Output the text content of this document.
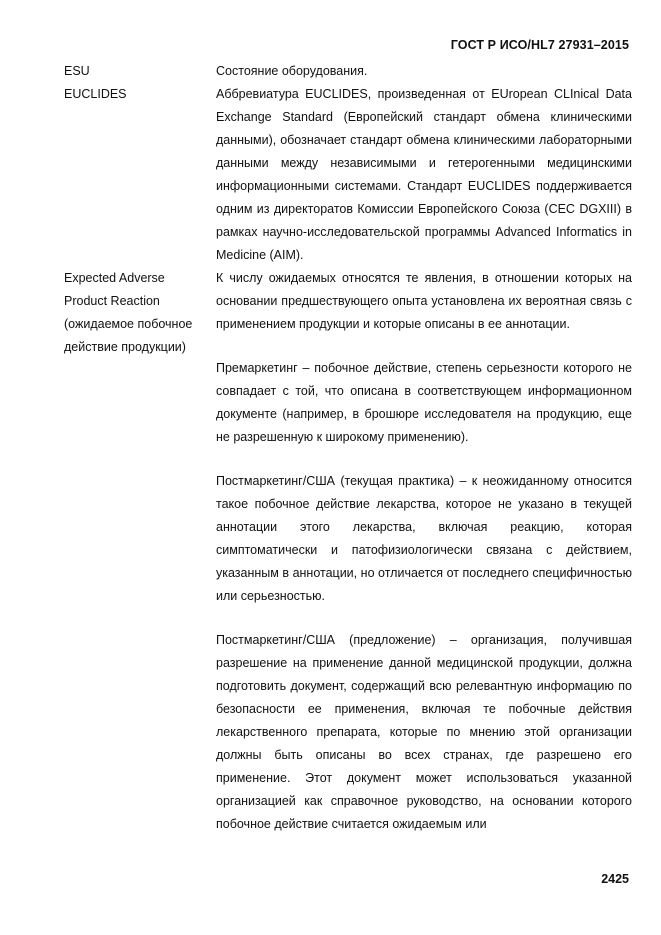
ГОСТ Р ИСО/HL7 27931–2015
ESU	Состояние оборудования.

EUCLIDES	Аббревиатура EUCLIDES, произведенная от EUropean CLInical Data Exchange Standard (Европейский стандарт обмена клиническими данными), обозначает стандарт обмена клиническими лабораторными данными между независимыми и гетерогенными медицинскими информационными системами. Стандарт EUCLIDES поддерживается одним из директоратов Комиссии Европейского Союза (CEC DGXIII) в рамках научно-исследовательской программы Advanced Informatics in Medicine (AIM).

Expected Adverse
Product Reaction
(ожидаемое побочное
действие продукции)

К числу ожидаемых относятся те явления, в отношении которых на основании предшествующего опыта установлена их вероятная связь с применением продукции и которые описаны в ее аннотации.

Премаркетинг – побочное действие, степень серьезности которого не совпадает с той, что описана в соответствующем информационном документе (например, в брошюре исследователя на продукцию, еще не разрешенную к широкому применению).

Постмаркетинг/США (текущая практика) – к неожиданному относится такое побочное действие лекарства, которое не указано в текущей аннотации этого лекарства, включая реакцию, которая симптоматически и патофизиологически связана с действием, указанным в аннотации, но отличается от последнего специфичностью или серьезностью.

Постмаркетинг/США (предложение) – организация, получившая разрешение на применение данной медицинской продукции, должна подготовить документ, содержащий всю релевантную информацию по безопасности ее применения, включая те побочные действия лекарственного препарата, которые по мнению этой организации должны быть описаны во всех странах, где разрешено его применение. Этот документ может использоваться указанной организацией как справочное руководство, на основании которого побочное действие считается ожидаемым или

2425
